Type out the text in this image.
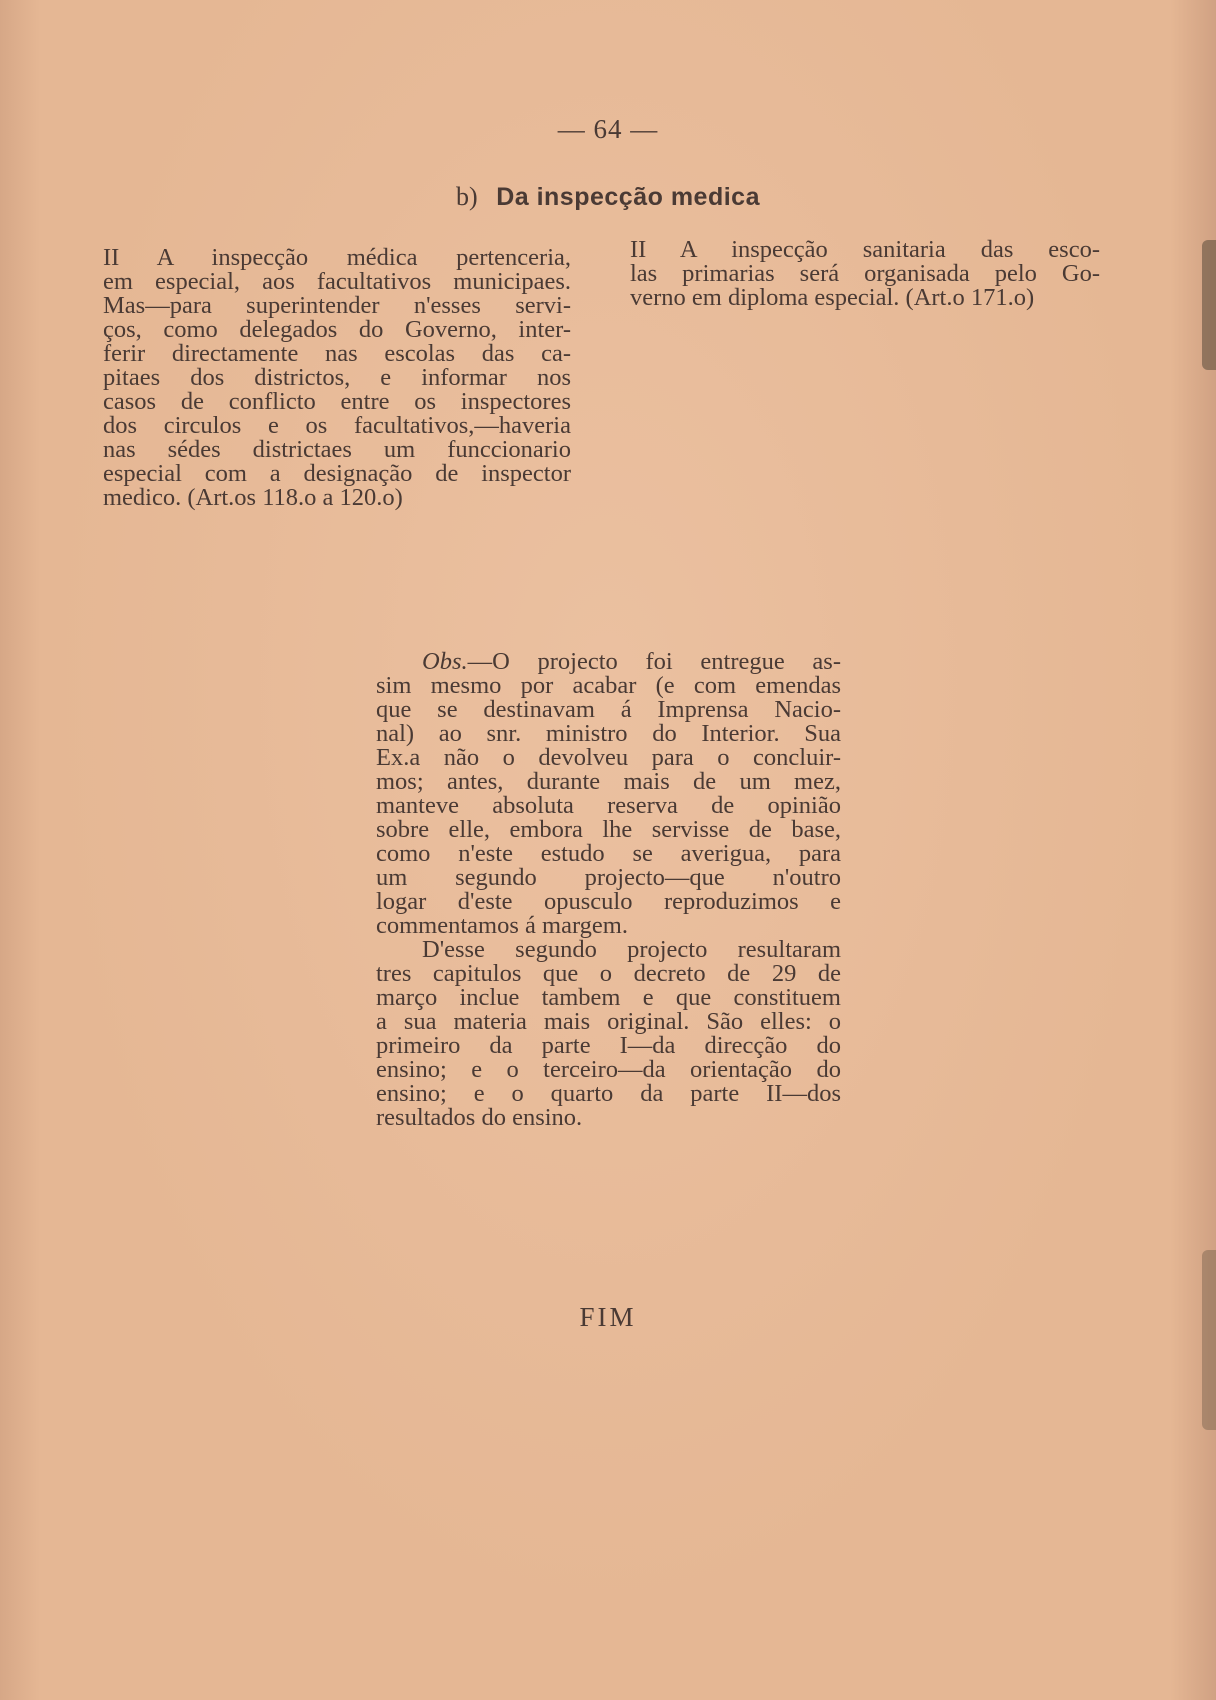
— 64 —
b) Da inspecção medica
II A inspecção médica pertenceria,
em especial, aos facultativos municipaes.
Mas—para superintender n'esses servi-
ços, como delegados do Governo, inter-
ferir directamente nas escolas das ca-
pitaes dos districtos, e informar nos
casos de conflicto entre os inspectores
dos circulos e os facultativos,—haveria
nas sédes districtaes um funccionario
especial com a designação de inspector
medico. (Art.os 118.o a 120.o)
II A inspecção sanitaria das esco-
las primarias será organisada pelo Go-
verno em diploma especial. (Art.o 171.o)
Obs.—O projecto foi entregue as-
sim mesmo por acabar (e com emendas
que se destinavam á Imprensa Nacio-
nal) ao snr. ministro do Interior. Sua
Ex.a não o devolveu para o concluir-
mos; antes, durante mais de um mez,
manteve absoluta reserva de opinião
sobre elle, embora lhe servisse de base,
como n'este estudo se averigua, para
um segundo projecto—que n'outro
logar d'este opusculo reproduzimos e
commentamos á margem.
D'esse segundo projecto resultaram
tres capitulos que o decreto de 29 de
março inclue tambem e que constituem
a sua materia mais original. São elles: o
primeiro da parte I—da direcção do
ensino; e o terceiro—da orientação do
ensino; e o quarto da parte II—dos
resultados do ensino.
FIM
